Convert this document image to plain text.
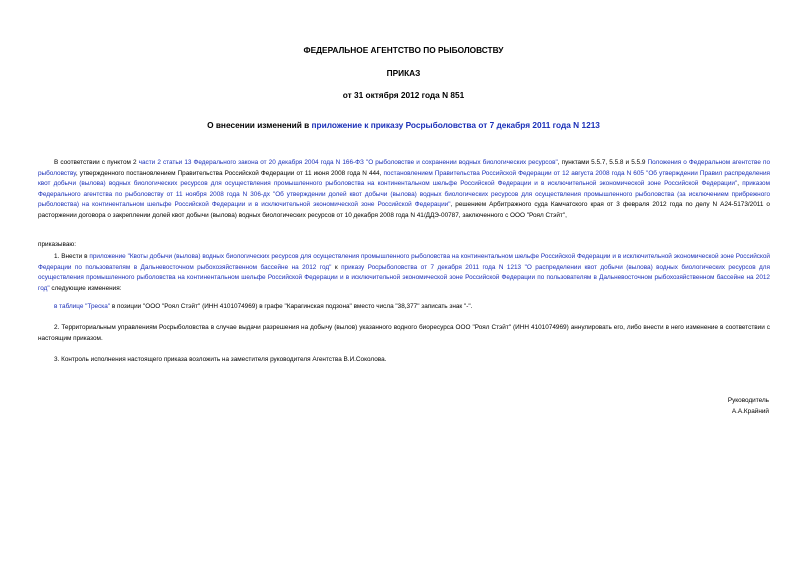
ФЕДЕРАЛЬНОЕ АГЕНТСТВО ПО РЫБОЛОВСТВУ
ПРИКАЗ
от 31 октября 2012 года N 851
О внесении изменений в приложение к приказу Росрыболовства от 7 декабря 2011 года N 1213
В соответствии с пунктом 2 части 2 статьи 13 Федерального закона от 20 декабря 2004 года N 166-ФЗ "О рыболовстве и сохранении водных биологических ресурсов", пунктами 5.5.7, 5.5.8 и 5.5.9 Положения о Федеральном агентстве по рыболовству, утвержденного постановлением Правительства Российской Федерации от 11 июня 2008 года N 444, постановлением Правительства Российской Федерации от 12 августа 2008 года N 605 "Об утверждении Правил распределения квот добычи (вылова) водных биологических ресурсов для осуществления промышленного рыболовства на континентальном шельфе Российской Федерации и в исключительной экономической зоне Российской Федерации", приказом Федерального агентства по рыболовству от 11 ноября 2008 года N 306-дх "Об утверждении долей квот добычи (вылова) водных биологических ресурсов для осуществления промышленного рыболовства (за исключением прибрежного рыболовства) на континентальном шельфе Российской Федерации и в исключительной экономической зоне Российской Федерации", решением Арбитражного суда Камчатского края от 3 февраля 2012 года по делу N А24-5173/2011 о расторжении договора о закреплении долей квот добычи (вылова) водных биологических ресурсов от 10 декабря 2008 года N 41/ДДЭ-00787, заключенного с ООО "Роял Стэйт",
приказываю:
1. Внести в приложение "Квоты добычи (вылова) водных биологических ресурсов для осуществления промышленного рыболовства на континентальном шельфе Российской Федерации и в исключительной экономической зоне Российской Федерации по пользователям в Дальневосточном рыбохозяйственном бассейне на 2012 год" к приказу Росрыболовства от 7 декабря 2011 года N 1213 "О распределении квот добычи (вылова) водных биологических ресурсов для осуществления промышленного рыболовства на континентальном шельфе Российской Федерации и в исключительной экономической зоне Российской Федерации по пользователям в Дальневосточном рыбохозяйственном бассейне на 2012 год" следующие изменения:
в таблице "Треска" в позиции "ООО "Роял Стэйт" (ИНН 4101074969) в графе "Карагинская подзона" вместо числа "38,377" записать знак "-".
2. Территориальным управлениям Росрыболовства в случае выдачи разрешения на добычу (вылов) указанного водного биоресурса ООО "Роял Стэйт" (ИНН 4101074969) аннулировать его, либо внести в него изменение в соответствии с настоящим приказом.
3. Контроль исполнения настоящего приказа возложить на заместителя руководителя Агентства В.И.Соколова.
Руководитель
А.А.Крайний
